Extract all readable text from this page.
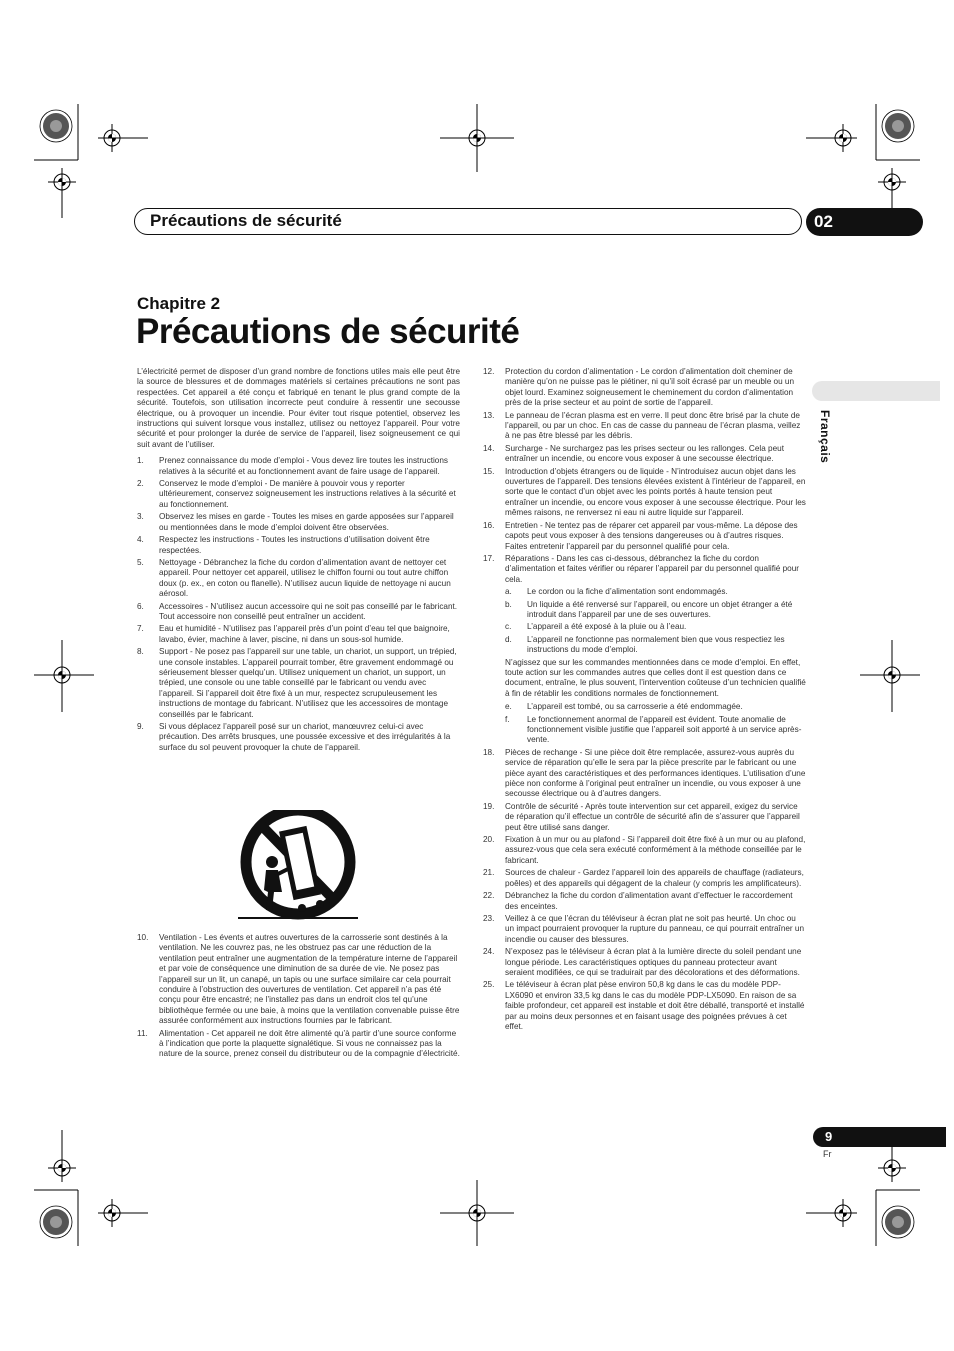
Précautions de sécurité	02
Français
Chapitre 2
Précautions de sécurité

L’électricité permet de disposer d’un grand nombre de fonctions utiles mais elle peut être la source de blessures et de dommages matériels si certaines précautions ne sont pas respectées. Cet appareil a été conçu et fabriqué en tenant le plus grand compte de la sécurité. Toutefois, son utilisation incorrecte peut conduire à ressentir une secousse électrique, ou à provoquer un incendie. Pour éviter tout risque potentiel, observez les instructions qui suivent lorsque vous installez, utilisez ou nettoyez l’appareil. Pour votre sécurité et pour prolonger la durée de service de l’appareil, lisez soigneusement ce qui suit avant de l’utiliser.

1. Prenez connaissance du mode d’emploi - Vous devez lire toutes les instructions relatives à la sécurité et au fonctionnement avant de faire usage de l’appareil.
2. Conservez le mode d’emploi - De manière à pouvoir vous y reporter ultérieurement, conservez soigneusement les instructions relatives à la sécurité et au fonctionnement.
3. Observez les mises en garde - Toutes les mises en garde apposées sur l’appareil ou mentionnées dans le mode d’emploi doivent être observées.
4. Respectez les instructions - Toutes les instructions d’utilisation doivent être respectées.
5. Nettoyage - Débranchez la fiche du cordon d’alimentation avant de nettoyer cet appareil. Pour nettoyer cet appareil, utilisez le chiffon fourni ou tout autre chiffon doux (p. ex., en coton ou flanelle). N’utilisez aucun liquide de nettoyage ni aucun aérosol.
6. Accessoires - N’utilisez aucun accessoire qui ne soit pas conseillé par le fabricant. Tout accessoire non conseillé peut entraîner un accident.
7. Eau et humidité - N’utilisez pas l’appareil près d’un point d’eau tel que baignoire, lavabo, évier, machine à laver, piscine, ni dans un sous-sol humide.
8. Support - Ne posez pas l’appareil sur une table, un chariot, un support, un trépied, une console instables. L’appareil pourrait tomber, être gravement endommagé ou sérieusement blesser quelqu’un. Utilisez uniquement un chariot, un support, un trépied, une console ou une table conseillé par le fabricant ou vendu avec l’appareil. Si l’appareil doit être fixé à un mur, respectez scrupuleusement les instructions de montage du fabricant. N’utilisez que les accessoires de montage conseillés par le fabricant.
9. Si vous déplacez l’appareil posé sur un chariot, manœuvrez celui-ci avec précaution. Des arrêts brusques, une poussée excessive et des irrégularités à la surface du sol peuvent provoquer la chute de l’appareil.
10. Ventilation - Les évents et autres ouvertures de la carrosserie sont destinés à la ventilation. Ne les couvrez pas, ne les obstruez pas car une réduction de la ventilation peut entraîner une augmentation de la température interne de l’appareil et par voie de conséquence une diminution de sa durée de vie. Ne posez pas l’appareil sur un lit, un canapé, un tapis ou une surface similaire car cela pourrait conduire à l’obstruction des ouvertures de ventilation. Cet appareil n’a pas été conçu pour être encastré; ne l’installez pas dans un endroit clos tel qu’une bibliothèque fermée ou une baie, à moins que la ventilation convenable puisse être assurée conformément aux instructions fournies par le fabricant.
11. Alimentation - Cet appareil ne doit être alimenté qu’à partir d’une source conforme à l’indication que porte la plaquette signalétique. Si vous ne connaissez pas la nature de la source, prenez conseil du distributeur ou de la compagnie d’électricité.
12. Protection du cordon d’alimentation - Le cordon d’alimentation doit cheminer de manière qu’on ne puisse pas le piétiner, ni qu’il soit écrasé par un meuble ou un objet lourd. Examinez soigneusement le cheminement du cordon d’alimentation près de la prise secteur et au point de sortie de l’appareil.
13. Le panneau de l’écran plasma est en verre. Il peut donc être brisé par la chute de l’appareil, ou par un choc. En cas de casse du panneau de l’écran plasma, veillez à ne pas être blessé par les débris.
14. Surcharge - Ne surchargez pas les prises secteur ou les rallonges. Cela peut entraîner un incendie, ou encore vous exposer à une secousse électrique.
15. Introduction d’objets étrangers ou de liquide - N’introduisez aucun objet dans les ouvertures de l’appareil. Des tensions élevées existent à l’intérieur de l’appareil, en sorte que le contact d’un objet avec les points portés à haute tension peut entraîner un incendie, ou encore vous exposer à une secousse électrique. Pour les mêmes raisons, ne renversez ni eau ni autre liquide sur l’appareil.
16. Entretien - Ne tentez pas de réparer cet appareil par vous-même. La dépose des capots peut vous exposer à des tensions dangereuses ou à d’autres risques. Faites entretenir l’appareil par du personnel qualifié pour cela.
17. Réparations - Dans les cas ci-dessous, débranchez la fiche du cordon d’alimentation et faites vérifier ou réparer l’appareil par du personnel qualifié pour cela.
a. Le cordon ou la fiche d’alimentation sont endommagés.
b. Un liquide a été renversé sur l’appareil, ou encore un objet étranger a été introduit dans l’appareil par une de ses ouvertures.
c. L’appareil a été exposé à la pluie ou à l’eau.
d. L’appareil ne fonctionne pas normalement bien que vous respectiez les instructions du mode d’emploi.
N’agissez que sur les commandes mentionnées dans ce mode d’emploi. En effet, toute action sur les commandes autres que celles dont il est question dans ce document, entraîne, le plus souvent, l’intervention coûteuse d’un technicien qualifié à fin de rétablir les conditions normales de fonctionnement.
e. L’appareil est tombé, ou sa carrosserie a été endommagée.
f. Le fonctionnement anormal de l’appareil est évident. Toute anomalie de fonctionnement visible justifie que l’appareil soit apporté à un service après-vente.
18. Pièces de rechange - Si une pièce doit être remplacée, assurez-vous auprès du service de réparation qu’elle le sera par la pièce prescrite par le fabricant ou une pièce ayant des caractéristiques et des performances identiques. L’utilisation d’une pièce non conforme à l’original peut entraîner un incendie, ou vous exposer à une secousse électrique ou à d’autres dangers.
19. Contrôle de sécurité - Après toute intervention sur cet appareil, exigez du service de réparation qu’il effectue un contrôle de sécurité afin de s’assurer que l’appareil peut être utilisé sans danger.
20. Fixation à un mur ou au plafond - Si l’appareil doit être fixé à un mur ou au plafond, assurez-vous que cela sera exécuté conformément à la méthode conseillée par le fabricant.
21. Sources de chaleur - Gardez l’appareil loin des appareils de chauffage (radiateurs, poêles) et des appareils qui dégagent de la chaleur (y compris les amplificateurs).
22. Débranchez la fiche du cordon d’alimentation avant d’effectuer le raccordement des enceintes.
23. Veillez à ce que l’écran du téléviseur à écran plat ne soit pas heurté. Un choc ou un impact pourraient provoquer la rupture du panneau, ce qui pourrait entraîner un incendie ou causer des blessures.
24. N’exposez pas le téléviseur à écran plat à la lumière directe du soleil pendant une longue période. Les caractéristiques optiques du panneau protecteur avant seraient modifiées, ce qui se traduirait par des décolorations et des déformations.
25. Le téléviseur à écran plat pèse environ 50,8 kg dans le cas du modèle PDP-LX6090 et environ 33,5 kg dans le cas du modèle PDP-LX5090. En raison de sa faible profondeur, cet appareil est instable et doit être déballé, transporté et installé par au moins deux personnes et en faisant usage des poignées prévues à cet effet.
9
Fr
